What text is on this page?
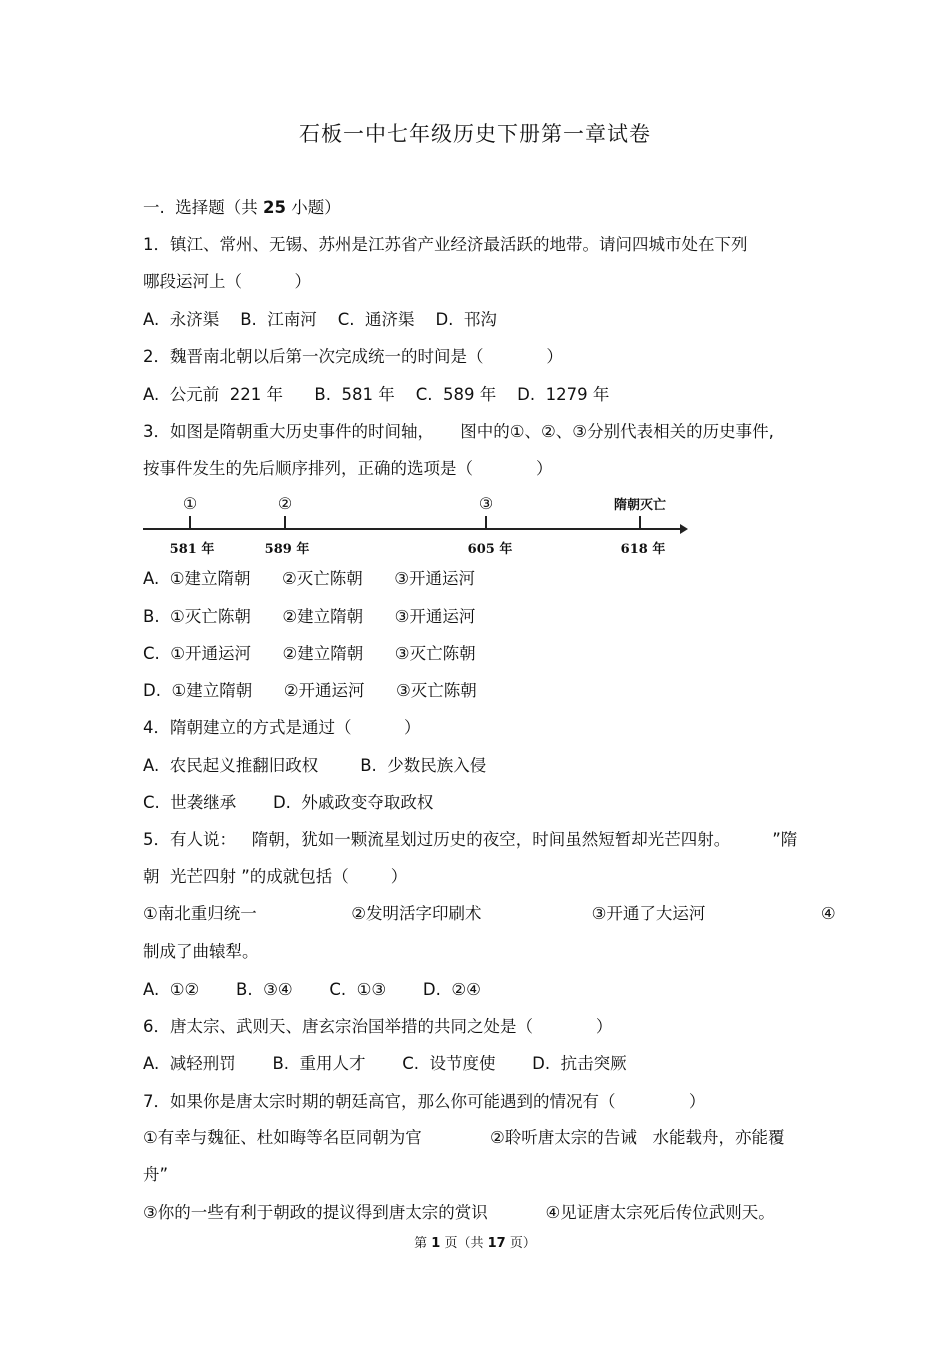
石板一中七年级历史下册第一章试卷
一.  选择题（共 25 小题）
1．镇江、常州、无锡、苏州是江苏省产业经济最活跃的地带。请问四城市处在下列
哪段运河上（          ）
A.  永济渠    B.  江南河    C.  通济渠    D.  邗沟
2．魏晋南北朝以后第一次完成统一的时间是（            ）
A.  公元前  221 年      B.  581 年    C.  589 年    D.  1279 年
3．如图是隋朝重大历史事件的时间轴，     图中的①、②、③分别代表相关的历史事件,
按事件发生的先后顺序排列，正确的选项是（            ）
①	②	③	隋朝灭亡
581 年	589 年	605 年	618 年
A.  ①建立隋朝      ②灭亡陈朝      ③开通运河
B.  ①灭亡陈朝      ②建立隋朝      ③开通运河
C.  ①开通运河      ②建立隋朝      ③灭亡陈朝
D.  ①建立隋朝      ②开通运河      ③灭亡陈朝
4．隋朝建立的方式是通过（          ）
A.  农民起义推翻旧政权        B.  少数民族入侵
C.  世袭继承       D.  外戚政变夺取政权
5．有人说：   隋朝，犹如一颗流星划过历史的夜空，时间虽然短暂却光芒四射。        ”隋
朝  光芒四射 ”的成就包括（        ）
①南北重归统一                  ②发明活字印刷术                     ③开通了大运河                      ④
制成了曲辕犁。
A.  ①②       B.  ③④       C.  ①③       D.  ②④
6．唐太宗、武则天、唐玄宗治国举措的共同之处是（            ）
A.  减轻刑罚       B.  重用人才       C.  设节度使       D.  抗击突厥
7．如果你是唐太宗时期的朝廷高官，那么你可能遇到的情况有（              ）
①有幸与魏征、杜如晦等名臣同朝为官             ②聆听唐太宗的告诫   水能载舟，亦能覆
舟”
③你的一些有利于朝政的提议得到唐太宗的赏识           ④见证唐太宗死后传位武则天。
第 1 页（共 17 页）
